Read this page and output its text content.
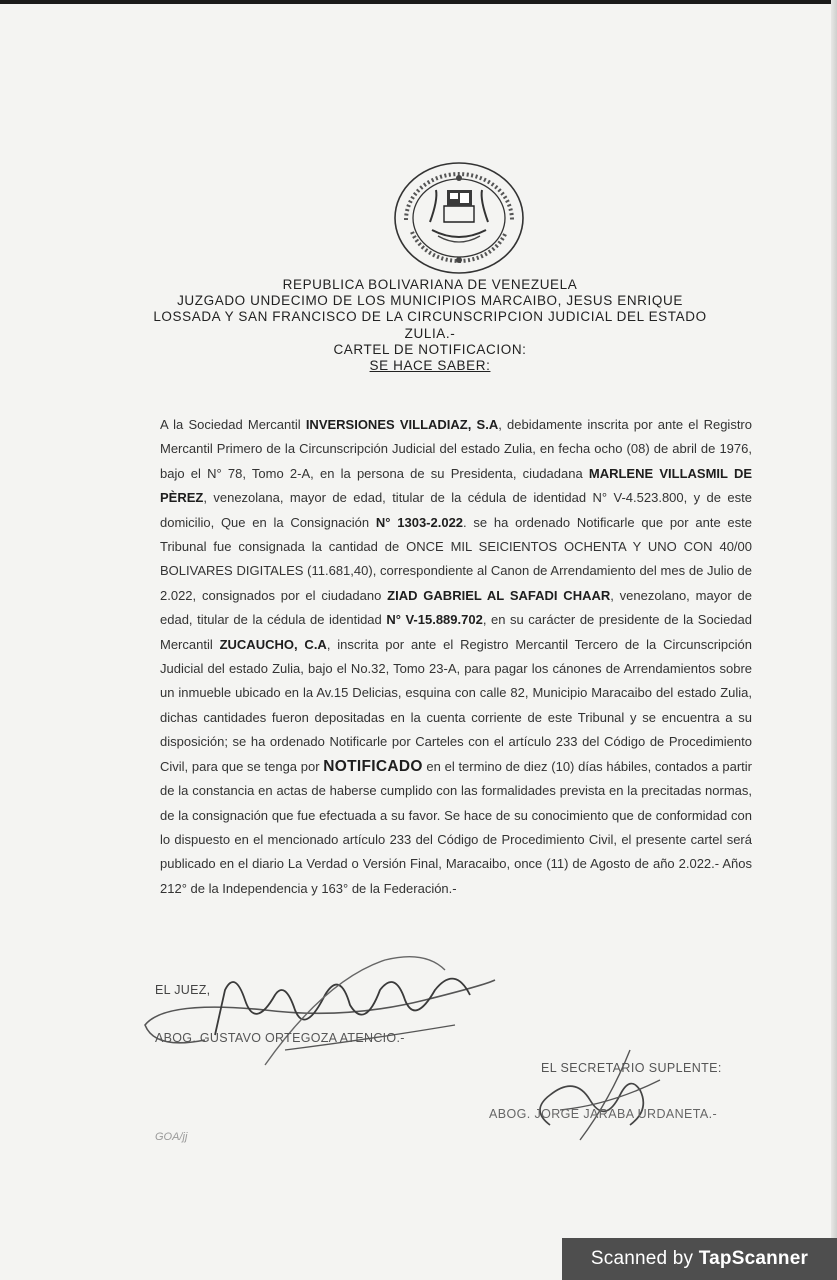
REPUBLICA BOLIVARIANA DE VENEZUELA
JUZGADO UNDECIMO DE LOS MUNICIPIOS MARCAIBO, JESUS ENRIQUE
LOSSADA Y SAN FRANCISCO DE LA CIRCUNSCRIPCION JUDICIAL DEL ESTADO
ZULIA.-
CARTEL DE NOTIFICACION:
SE HACE SABER:
A la Sociedad Mercantil INVERSIONES VILLADIAZ, S.A, debidamente inscrita por ante el Registro Mercantil Primero de la Circunscripción Judicial del estado Zulia, en fecha ocho (08) de abril de 1976, bajo el N° 78, Tomo 2-A, en la persona de su Presidenta, ciudadana MARLENE VILLASMIL DE PÈREZ, venezolana, mayor de edad, titular de la cédula de identidad N° V-4.523.800, y de este domicilio, Que en la Consignación N° 1303-2.022. se ha ordenado Notificarle que por ante este Tribunal fue consignada la cantidad de ONCE MIL SEICIENTOS OCHENTA Y UNO CON 40/00 BOLIVARES DIGITALES (11.681,40), correspondiente al Canon de Arrendamiento del mes de Julio de 2.022, consignados por el ciudadano ZIAD GABRIEL AL SAFADI CHAAR, venezolano, mayor de edad, titular de la cédula de identidad N° V-15.889.702, en su carácter de presidente de la Sociedad Mercantil ZUCAUCHO, C.A, inscrita por ante el Registro Mercantil Tercero de la Circunscripción Judicial del estado Zulia, bajo el No.32, Tomo 23-A, para pagar los cánones de Arrendamientos sobre un inmueble ubicado en la Av.15 Delicias, esquina con calle 82, Municipio Maracaibo del estado Zulia, dichas cantidades fueron depositadas en la cuenta corriente de este Tribunal y se encuentra a su disposición; se ha ordenado Notificarle por Carteles con el artículo 233 del Código de Procedimiento Civil, para que se tenga por NOTIFICADO en el termino de diez (10) días hábiles, contados a partir de la constancia en actas de haberse cumplido con las formalidades prevista en la precitadas normas, de la consignación que fue efectuada a su favor. Se hace de su conocimiento que de conformidad con lo dispuesto en el mencionado artículo 233 del Código de Procedimiento Civil, el presente cartel será publicado en el diario La Verdad o Versión Final, Maracaibo, once (11) de Agosto de año 2.022.- Años 212° de la Independencia y 163° de la Federación.-
EL JUEZ,
ABOG. GUSTAVO ORTEGOZA ATENCIO.-
EL SECRETARIO SUPLENTE:
ABOG. JORGE JARABA URDANETA.-
GOA/jj
Scanned by TapScanner
